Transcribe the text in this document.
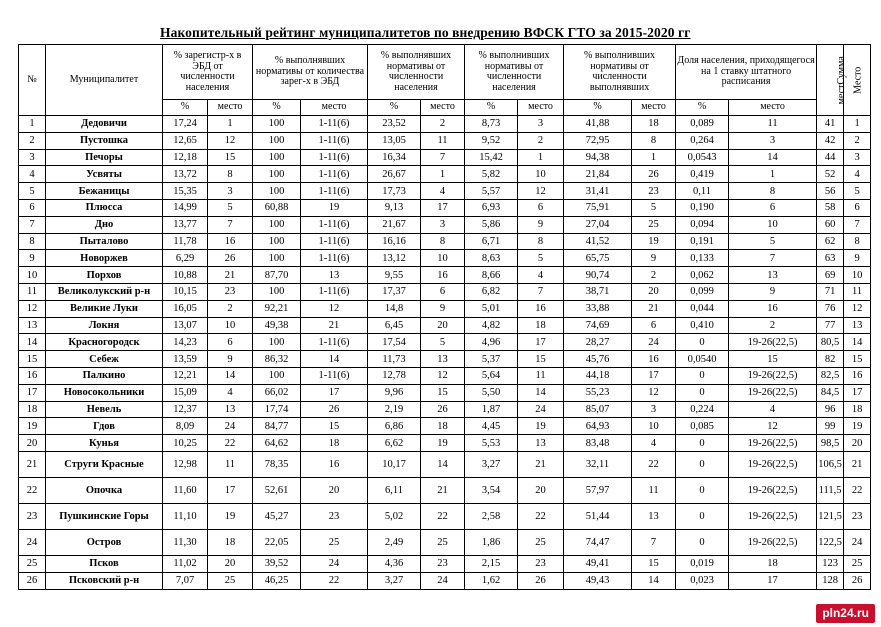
Накопительный рейтинг муниципалитетов по внедрению ВФСК ГТО за 2015-2020 гг
№	Муниципалитет	% зарегистр-х в ЭБД от численности населения		% выполнявших нормативы от количества зарег-х в ЭБД		% выполнявших нормативы от численности населения		% выполнивших нормативы от численности населения		% выполнивших нормативы от численности выполнявших		Доля населения, приходящегося на 1 ставку штатного расписания		местСумма	Место
		%	место	%	место	%	место	%	место	%	место	%	место		
1	Дедовичи	17,24	1	100	1-11(6)	23,52	2	8,73	3	41,88	18	0,089	11	41	1
2	Пустошка	12,65	12	100	1-11(6)	13,05	11	9,52	2	72,95	8	0,264	3	42	2
3	Печоры	12,18	15	100	1-11(6)	16,34	7	15,42	1	94,38	1	0,0543	14	44	3
4	Усвяты	13,72	8	100	1-11(6)	26,67	1	5,82	10	21,84	26	0,419	1	52	4
5	Бежаницы	15,35	3	100	1-11(6)	17,73	4	5,57	12	31,41	23	0,11	8	56	5
6	Плюсса	14,99	5	60,88	19	9,13	17	6,93	6	75,91	5	0,190	6	58	6
7	Дно	13,77	7	100	1-11(6)	21,67	3	5,86	9	27,04	25	0,094	10	60	7
8	Пыталово	11,78	16	100	1-11(6)	16,16	8	6,71	8	41,52	19	0,191	5	62	8
9	Новоржев	6,29	26	100	1-11(6)	13,12	10	8,63	5	65,75	9	0,133	7	63	9
10	Порхов	10,88	21	87,70	13	9,55	16	8,66	4	90,74	2	0,062	13	69	10
11	Великолукский р-н	10,15	23	100	1-11(6)	17,37	6	6,82	7	38,71	20	0,099	9	71	11
12	Великие Луки	16,05	2	92,21	12	14,8	9	5,01	16	33,88	21	0,044	16	76	12
13	Локня	13,07	10	49,38	21	6,45	20	4,82	18	74,69	6	0,410	2	77	13
14	Красногородск	14,23	6	100	1-11(6)	17,54	5	4,96	17	28,27	24	0	19-26(22,5)	80,5	14
15	Себеж	13,59	9	86,32	14	11,73	13	5,37	15	45,76	16	0,0540	15	82	15
16	Палкино	12,21	14	100	1-11(6)	12,78	12	5,64	11	44,18	17	0	19-26(22,5)	82,5	16
17	Новосокольники	15,09	4	66,02	17	9,96	15	5,50	14	55,23	12	0	19-26(22,5)	84,5	17
18	Невель	12,37	13	17,74	26	2,19	26	1,87	24	85,07	3	0,224	4	96	18
19	Гдов	8,09	24	84,77	15	6,86	18	4,45	19	64,93	10	0,085	12	99	19
20	Кунья	10,25	22	64,62	18	6,62	19	5,53	13	83,48	4	0	19-26(22,5)	98,5	20
21	Струги Красные	12,98	11	78,35	16	10,17	14	3,27	21	32,11	22	0	19-26(22,5)	106,5	21
22	Опочка	11,60	17	52,61	20	6,11	21	3,54	20	57,97	11	0	19-26(22,5)	111,5	22
23	Пушкинские Горы	11,10	19	45,27	23	5,02	22	2,58	22	51,44	13	0	19-26(22,5)	121,5	23
24	Остров	11,30	18	22,05	25	2,49	25	1,86	25	74,47	7	0	19-26(22,5)	122,5	24
25	Псков	11,02	20	39,52	24	4,36	23	2,15	23	49,41	15	0,019	18	123	25
26	Псковский р-н	7,07	25	46,25	22	3,27	24	1,62	26	49,43	14	0,023	17	128	26
pln24.ru
